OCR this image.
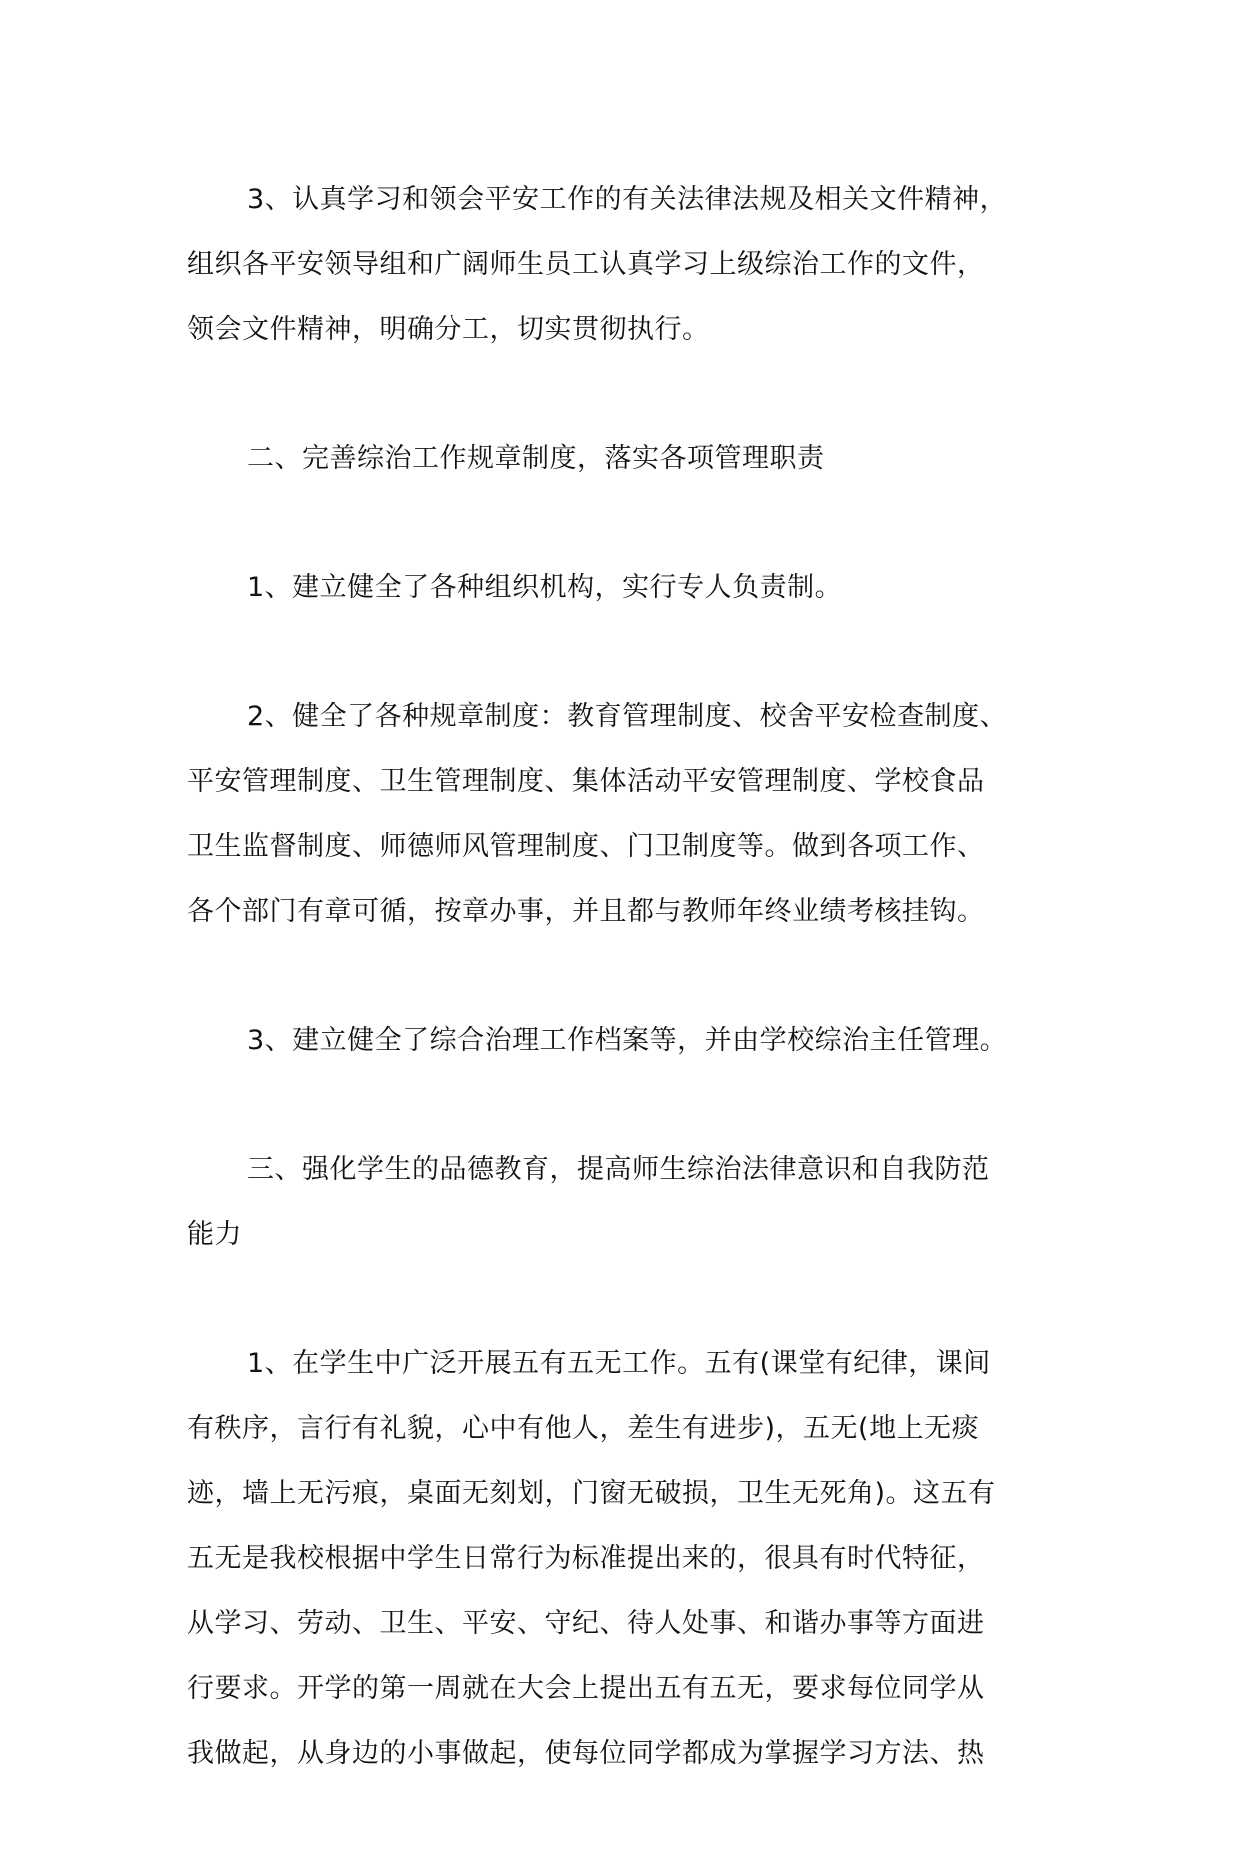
3、认真学习和领会平安工作的有关法律法规及相关文件精神，
组织各平安领导组和广阔师生员工认真学习上级综治工作的文件，
领会文件精神，明确分工，切实贯彻执行。

二、完善综治工作规章制度，落实各项管理职责

1、建立健全了各种组织机构，实行专人负责制。

2、健全了各种规章制度：教育管理制度、校舍平安检查制度、
平安管理制度、卫生管理制度、集体活动平安管理制度、学校食品
卫生监督制度、师德师风管理制度、门卫制度等。做到各项工作、
各个部门有章可循，按章办事，并且都与教师年终业绩考核挂钩。

3、建立健全了综合治理工作档案等，并由学校综治主任管理。

三、强化学生的品德教育，提高师生综治法律意识和自我防范
能力

1、在学生中广泛开展五有五无工作。五有(课堂有纪律，课间
有秩序，言行有礼貌，心中有他人，差生有进步)，五无(地上无痰
迹，墙上无污痕，桌面无刻划，门窗无破损，卫生无死角)。这五有
五无是我校根据中学生日常行为标准提出来的，很具有时代特征，
从学习、劳动、卫生、平安、守纪、待人处事、和谐办事等方面进
行要求。开学的第一周就在大会上提出五有五无，要求每位同学从
我做起，从身边的小事做起，使每位同学都成为掌握学习方法、热
